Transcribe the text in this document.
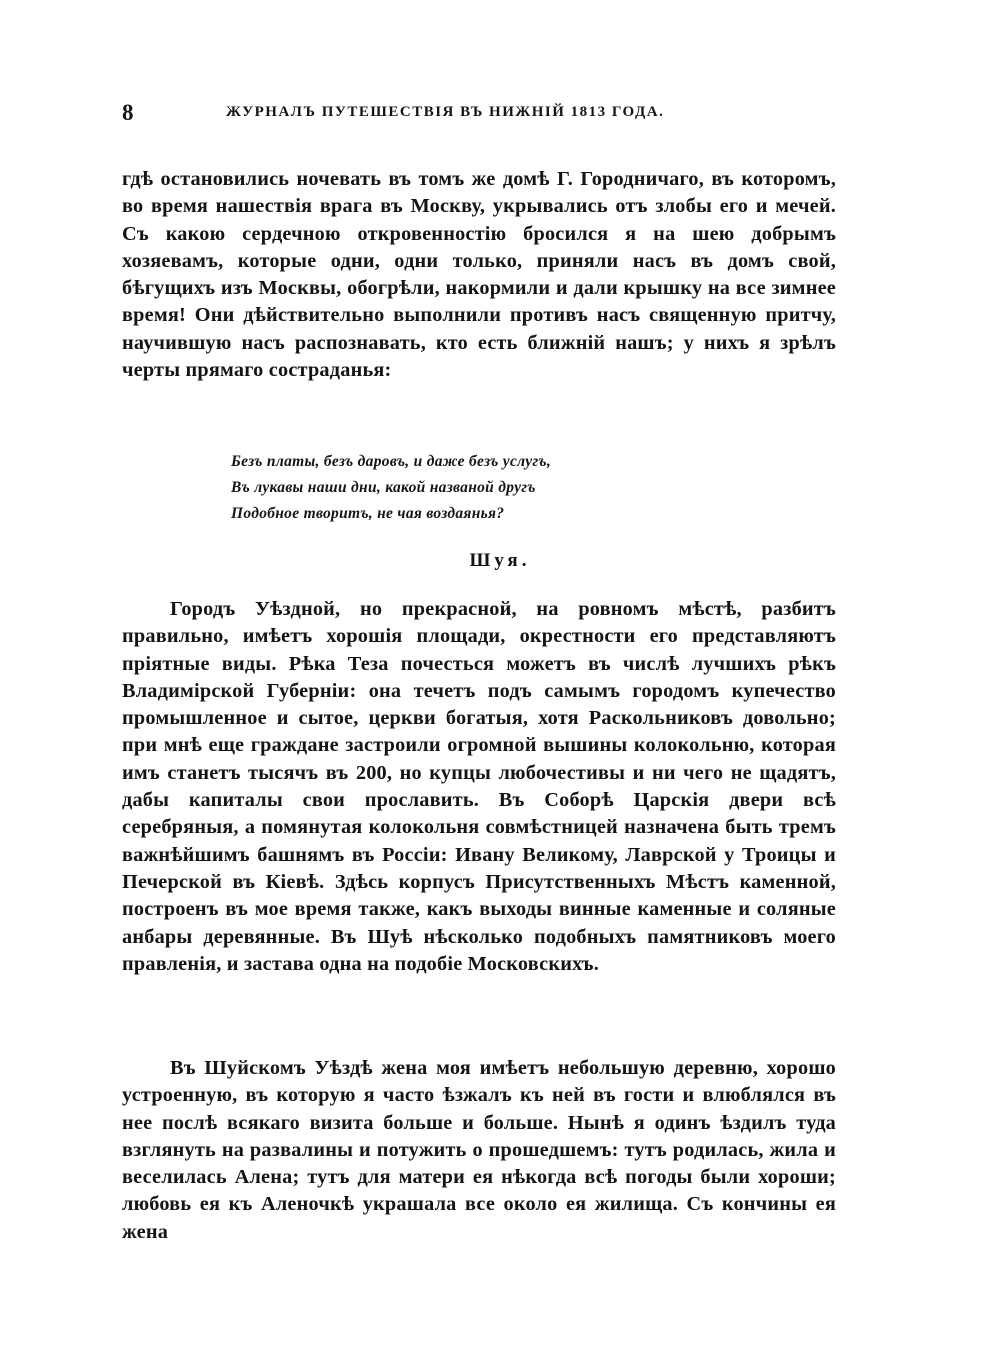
8	ЖУРНАЛЪ ПУТЕШЕСТВІЯ ВЪ НИЖНІЙ 1813 ГОДА.

гдѣ остановились ночевать въ томъ же домѣ Г. Городничаго, въ которомъ, во время нашествія врага въ Москву, укрывались отъ злобы его и мечей. Съ какою сердечною откровенностію бросился я на шею добрымъ хозяевамъ, которые одни, одни только, приняли насъ въ домъ свой, бѣгущихъ изъ Москвы, обогрѣли, накормили и дали крышку на все зимнее время! Они дѣйствительно выполнили противъ насъ священную притчу, научившую насъ распознавать, кто есть ближній нашъ; у нихъ я зрѣлъ черты прямаго состраданья:

Безъ платы, безъ даровъ, и даже безъ услугъ,
Въ лукавы наши дни, какой названой другъ
Подобное творитъ, не чая воздаянья?
Шуя.

Городъ Уѣздной, но прекрасной, на ровномъ мѣстѣ, разбитъ правильно, имѣетъ хорошія площади, окрестности его представляютъ пріятные виды. Рѣка Теза почесться можетъ въ числѣ лучшихъ рѣкъ Владимірской Губерніи: она течетъ подъ самымъ городомъ купечество промышленное и сытое, церкви богатыя, хотя Раскольниковъ довольно; при мнѣ еще граждане застроили огромной вышины колокольню, которая имъ станетъ тысячъ въ 200, но купцы любочестивы и ни чего не щадятъ, дабы капиталы свои прославить. Въ Соборѣ Царскія двери всѣ серебряныя, а помянутая колокольня совмѣстницей назначена быть тремъ важнѣйшимъ башнямъ въ Россіи: Ивану Великому, Лаврской у Троицы и Печерской въ Кіевѣ. Здѣсь корпусъ Присутственныхъ Мѣстъ каменной, построенъ въ мое время также, какъ выходы винные каменные и соляные анбары деревянные. Въ Шуѣ нѣсколько подобныхъ памятниковъ моего правленія, и застава одна на подобіе Московскихъ.

Въ Шуйскомъ Уѣздѣ жена моя имѣетъ небольшую деревню, хорошо устроенную, въ которую я часто ѣзжалъ къ ней въ гости и влюблялся въ нее послѣ всякаго визита больше и больше. Нынѣ я одинъ ѣздилъ туда взглянуть на развалины и потужить о прошедшемъ: тутъ родилась, жила и веселилась Алена; тутъ для матери ея нѣкогда всѣ погоды были хороши; любовь ея къ Аленочкѣ украшала все около ея жилища. Съ кончины ея жена
